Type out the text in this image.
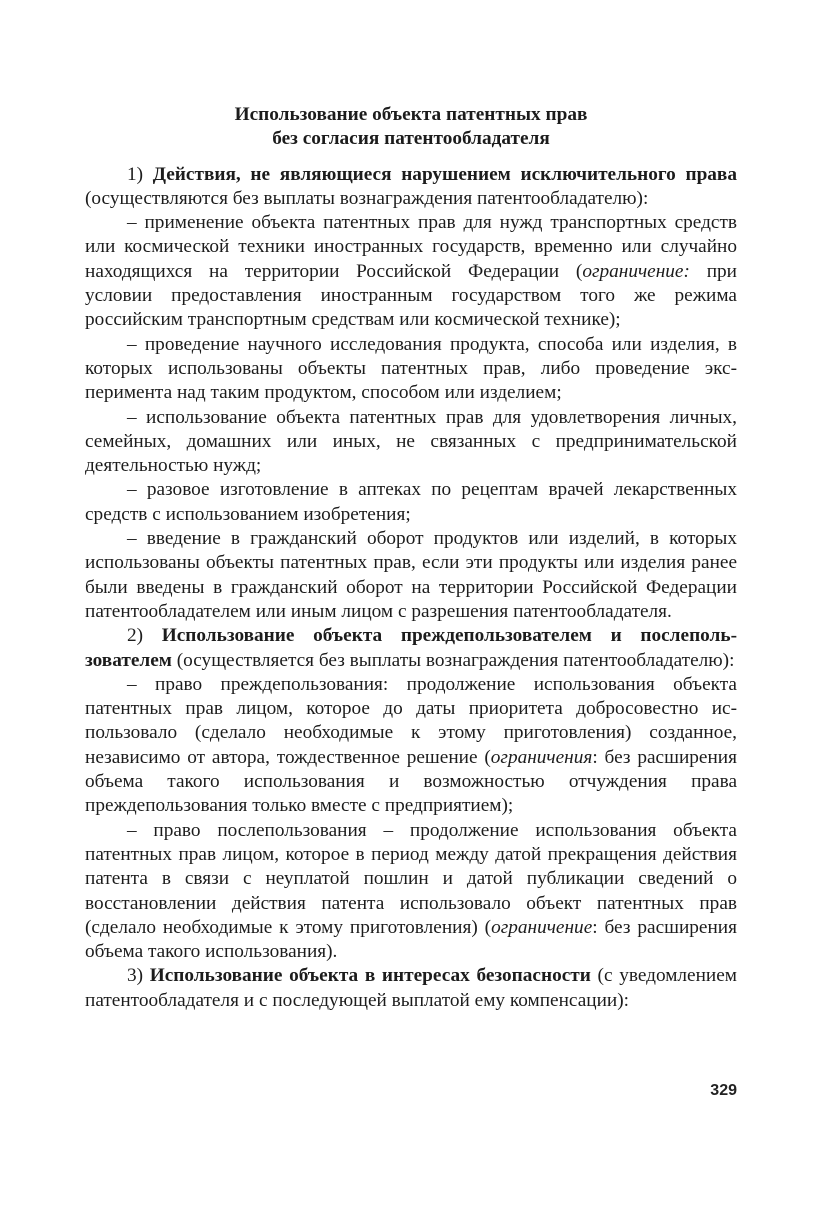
Использование объекта патентных прав
без согласия патентообладателя

1) Действия, не являющиеся нарушением исключительного права (осуществляются без выплаты вознаграждения патентообладателю):

– применение объекта патентных прав для нужд транспортных средств или космической техники иностранных государств, временно или случайно находящихся на территории Российской Федерации (ограничение: при условии предоставления иностранным государством того же режима российским транспортным средствам или космической технике);

– проведение научного исследования продукта, способа или изделия, в которых использованы объекты патентных прав, либо проведение эксперимента над таким продуктом, способом или изделием;

– использование объекта патентных прав для удовлетворения личных, семейных, домашних или иных, не связанных с предпринимательской деятельностью нужд;

– разовое изготовление в аптеках по рецептам врачей лекарственных средств с использованием изобретения;

– введение в гражданский оборот продуктов или изделий, в которых использованы объекты патентных прав, если эти продукты или изделия ранее были введены в гражданский оборот на территории Российской Федерации патентообладателем или иным лицом с разрешения патентообладателя.

2) Использование объекта преждепользователем и послепользователем (осуществляется без выплаты вознаграждения патентообладателю):

– право преждепользования: продолжение использования объекта патентных прав лицом, которое до даты приоритета добросовестно использовало (сделало необходимые к этому приготовления) созданное, независимо от автора, тождественное решение (ограничения: без расширения объема такого использования и возможностью отчуждения права преждепользования только вместе с предприятием);

– право послепользования – продолжение использования объекта патентных прав лицом, которое в период между датой прекращения действия патента в связи с неуплатой пошлин и датой публикации сведений о восстановлении действия патента использовало объект патентных прав (сделало необходимые к этому приготовления) (ограничение: без расширения объема такого использования).

3) Использование объекта в интересах безопасности (с уведомлением патентообладателя и с последующей выплатой ему компенсации):

329
